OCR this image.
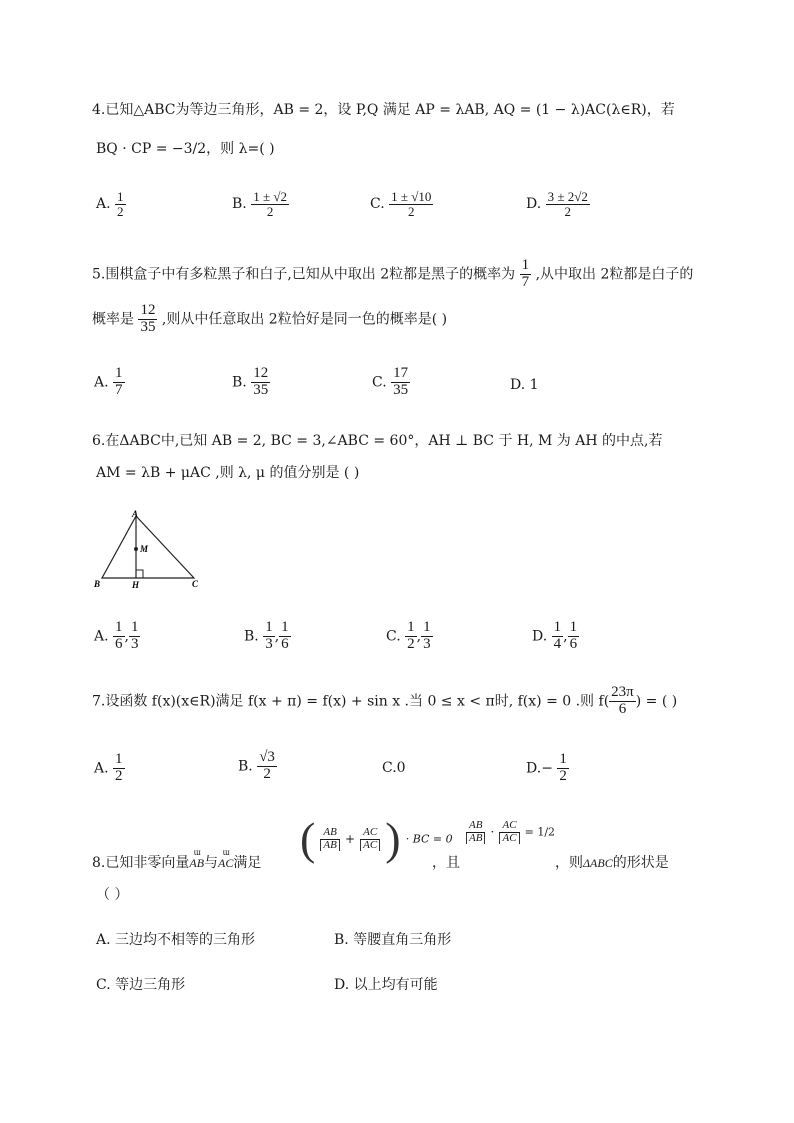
4.已知△ABC为等边三角形，AB = 2，设 P,Q 满足 AP = λAB, AQ = (1 − λ)AC(λ∈R)，若
BQ · CP = −3/2，则 λ=( )
A. $\frac{1}{2}$	B. $\frac{1 \pm √2}{2}$	C. $\frac{1 \pm √10}{2}$	D. $\frac{3 \pm 2√2}{2}$
5.围棋盒子中有多粒黑子和白子,已知从中取出 2粒都是黑子的概率为 $\frac{1}{7}$ ,从中取出 2粒都是白子的
概率是 $\frac{12}{35}$ ,则从中任意取出 2粒恰好是同一色的概率是( )
A. $\frac{1}{7}$	B. $\frac{12}{35}$	C. $\frac{17}{35}$	D. 1
6.在ΔABC中,已知 AB = 2, BC = 3,∠ABC = 60°，AH ⊥ BC 于 H, M 为 AH 的中点,若
AM = λB + μAC ,则 λ, μ 的值分别是 ( )
A
B	C
H
M
A. $\frac{1}{6}$ , $\frac{1}{3}$	B. $\frac{1}{3}$ , $\frac{1}{6}$	C. $\frac{1}{2}$ , $\frac{1}{3}$	D. $\frac{1}{4}$ , $\frac{1}{6}$
7.设函数 f(x)(x∈R)满足 f(x + π) = f(x) + sin x .当 0 ≤ x < π时, f(x) = 0 .则 $f( \frac{23\pi}{6}$ ) = ( )
A. $\frac{1}{2}$	B. $\frac{√3}{2}$	C.0	$D.- \frac{1}{2}$
8.已知非零向量ɯ AB与ɯ AC满足 ( $\frac{AB}{AB} + \frac{AC}{AC}$ ) · BC = 0
，且
$\frac{AB}{AB} \cdot \frac{AC}{AC} = 1/2$
，则ΔABC的形状是
（ ）
A. 三边均不相等的三角形	B. 等腰直角三角形
C. 等边三角形	D. 以上均有可能
